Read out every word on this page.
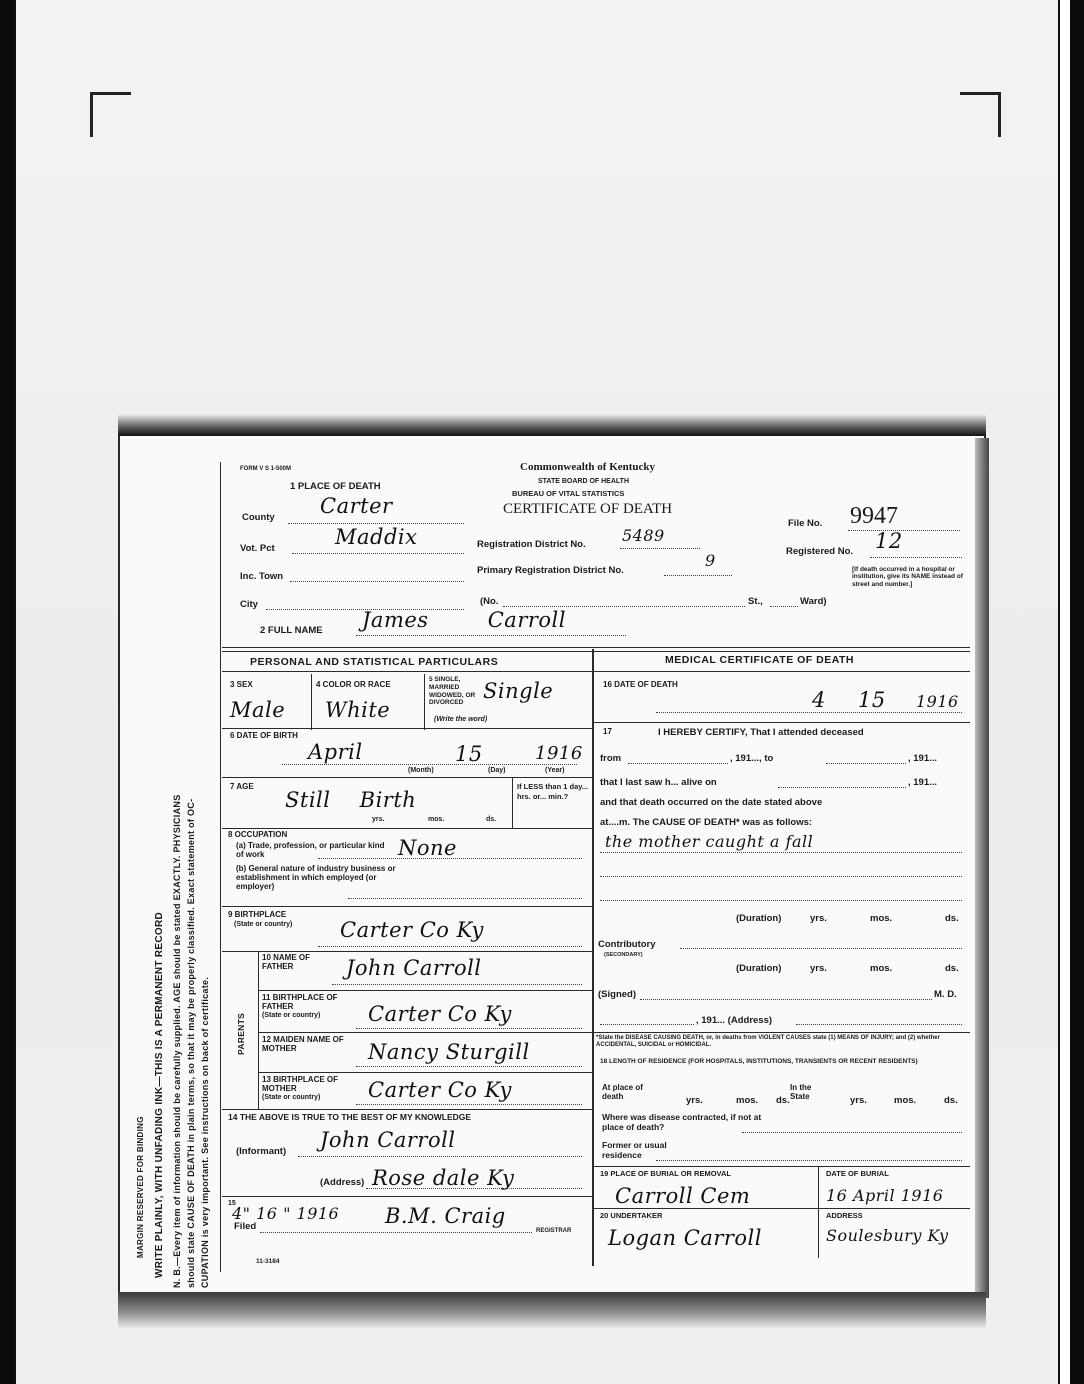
MARGIN RESERVED FOR BINDING WRITE PLAINLY, WITH UNFADING INK—THIS IS A PERMANENT RECORD N. B.—Every item of information should be carefully supplied. AGE should be stated EXACTLY. PHYSICIANS should state CAUSE OF DEATH in plain terms, so that it may be properly classified. Exact statement of OC- CUPATION is very important. See instructions on back of certificate.
FORM V S 1-500M
1 PLACE OF DEATH
Commonwealth of Kentucky
STATE BOARD OF HEALTH
BUREAU OF VITAL STATISTICS
CERTIFICATE OF DEATH
File No. 9947
County Carter
Vot. Pct	Maddix	Registration District No. 5489
Registered No. 12
Inc. Town
Primary Registration District No.
9	[If death occurred in a hospital or institution, give its NAME instead of street and number.]
City	(No.	St.,	Ward)
2 FULL NAME James Carroll
PERSONAL AND STATISTICAL PARTICULARS	MEDICAL CERTIFICATE OF DEATH
3 SEX
Male
4 COLOR OR RACE
White
5 SINGLE, MARRIED WIDOWED, OR DIVORCED
(Write the word)
Single
6 DATE OF BIRTH
April	15	1916
(Month)	(Day)	(Year)
7 AGE
Still Birth
yrs.	mos.	ds.
If LESS than 1 day... hrs. or... min.?
8 OCCUPATION
(a) Trade, profession, or particular kind of work	None
(b) General nature of industry business or establishment in which employed (or employer)
9 BIRTHPLACE
(State or country) Carter Co Ky
PARENTS
10 NAME OF FATHER	John Carroll
11 BIRTHPLACE OF FATHER
(State or country) Carter Co Ky
12 MAIDEN NAME OF MOTHER	Nancy Sturgill
13 BIRTHPLACE OF MOTHER
(State or country) Carter Co Ky
14 THE ABOVE IS TRUE TO THE BEST OF MY KNOWLEDGE
(Informant) John Carroll
(Address) Rose dale Ky
15
Filed
4" 16 " 1916 B.M. Craig
REGISTRAR
11-3184
16 DATE OF DEATH
4 15 1916
17	I HEREBY CERTIFY, That I attended deceased
from	, 191..., to	, 191...
that I last saw h... alive on	, 191...
and that death occurred on the date stated above
at....m. The CAUSE OF DEATH* was as follows:
the mother caught a fall
(Duration)	yrs.	mos.	ds.
Contributory
(SECONDARY)
(Duration)	yrs.	mos.	ds.
(Signed)	M. D.
, 191... (Address)
*State the DISEASE CAUSING DEATH, or, in deaths from VIOLENT CAUSES state (1) MEANS OF INJURY; and (2) whether ACCIDENTAL, SUICIDAL or HOMICIDAL.
18 LENGTH OF RESIDENCE (FOR HOSPITALS, INSTITUTIONS, TRANSIENTS OR RECENT RESIDENTS)
At place of death
In the State
yrs.	mos. ds.	yrs.	mos.	ds.
Where was disease contracted, if not at place of death?
Former or usual residence
19 PLACE OF BURIAL OR REMOVAL
Carroll Cem
DATE OF BURIAL
16 April 1916
20 UNDERTAKER
Logan Carroll
ADDRESS
Soulesbury Ky
